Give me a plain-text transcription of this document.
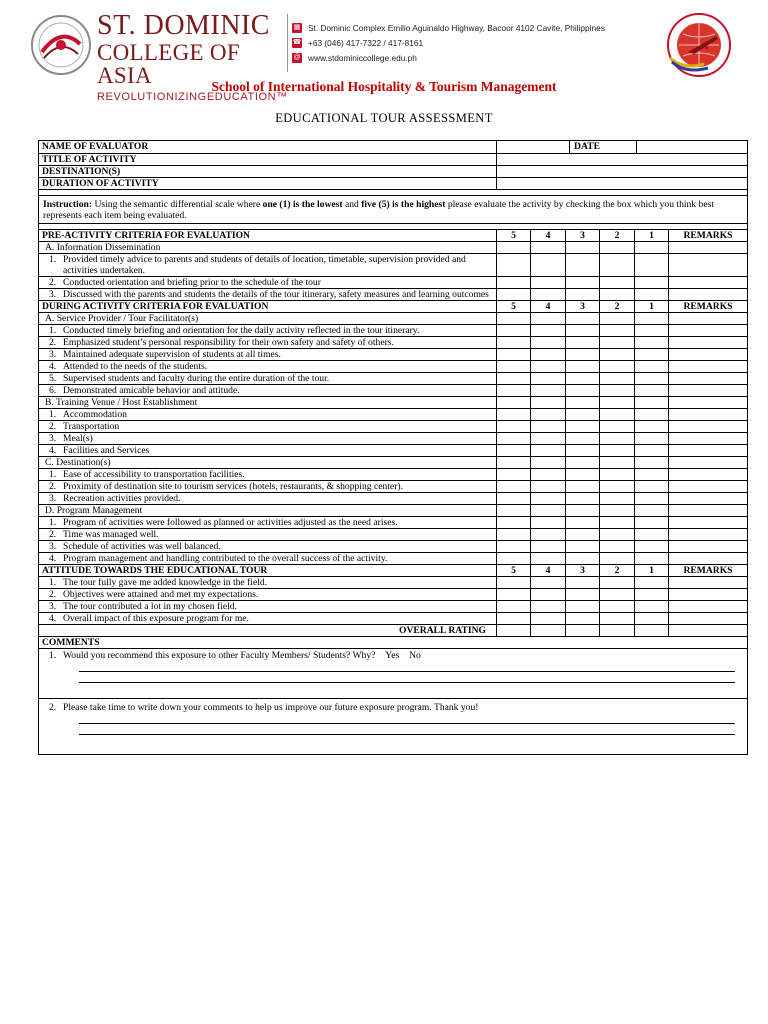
ST. DOMINIC
COLLEGE OF ASIA
REVOLUTIONIZINGEDUCATION™
▦ St. Dominic Complex Emilio Aguinaldo Highway, Bacoor 4102 Cavite, Philippines
☎ +63 (046) 417-7322 / 417-8161
@ www.stdominiccollege.edu.ph
School of International Hospitality & Tourism Management
EDUCATIONAL TOUR ASSESSMENT
NAME OF EVALUATOR	DATE					

TITLE OF ACTIVITY						
DESTINATION(S)						
DURATION OF ACTIVITY						

Instruction: Using the semantic differential scale where one (1) is the lowest and five (5) is the highest please evaluate the activity by checking the box which you think best represents each item being evaluated.						

PRE-ACTIVITY CRITERIA FOR EVALUATION	5	4	3	2	1	REMARKS
A. Information Dissemination						
1. Provided timely advice to parents and students of details of location, timetable, supervision provided and activities undertaken.						
2. Conducted orientation and briefing prior to the schedule of the tour						
3. Discussed with the parents and students the details of the tour itinerary, safety measures and learning outcomes						
DURING ACTIVITY CRITERIA FOR EVALUATION	5	4	3	2	1	REMARKS
A. Service Provider / Tour Facilitator(s)						
1. Conducted timely briefing and orientation for the daily activity reflected in the tour itinerary.						
2. Emphasized student’s personal responsibility for their own safety and safety of others.						
3. Maintained adequate supervision of students at all times.						
4. Attended to the needs of the students.						
5. Supervised students and faculty during the entire duration of the tour.						
6. Demonstrated amicable behavior and attitude.						
B. Training Venue / Host Establishment						
1. Accommodation						
2. Transportation						
3. Meal(s)						
4. Facilities and Services						
C. Destination(s)						
1. Ease of accessibility to transportation facilities.						
2. Proximity of destination site to tourism services (hotels, restaurants, & shopping center).						
3. Recreation activities provided.						
D. Program Management						
1. Program of activities were followed as planned or activities adjusted as the need arises.						
2. Time was managed well.						
3. Schedule of activities was well balanced.						
4. Program management and handling contributed to the overall success of the activity.						
ATTITUDE TOWARDS THE EDUCATIONAL TOUR	5	4	3	2	1	REMARKS
1. The tour fully gave me added knowledge in the field.						
2. Objectives were attained and met my expectations.						
3. The tour contributed a lot in my chosen field.						
4. Overall impact of this exposure program for me.						
OVERALL RATING						
COMMENTS						

1. Would you recommend this exposure to other Faculty Members/ Students? Why? Yes No						

2. Please take time to write down your comments to help us improve our future exposure program. Thank you!						
